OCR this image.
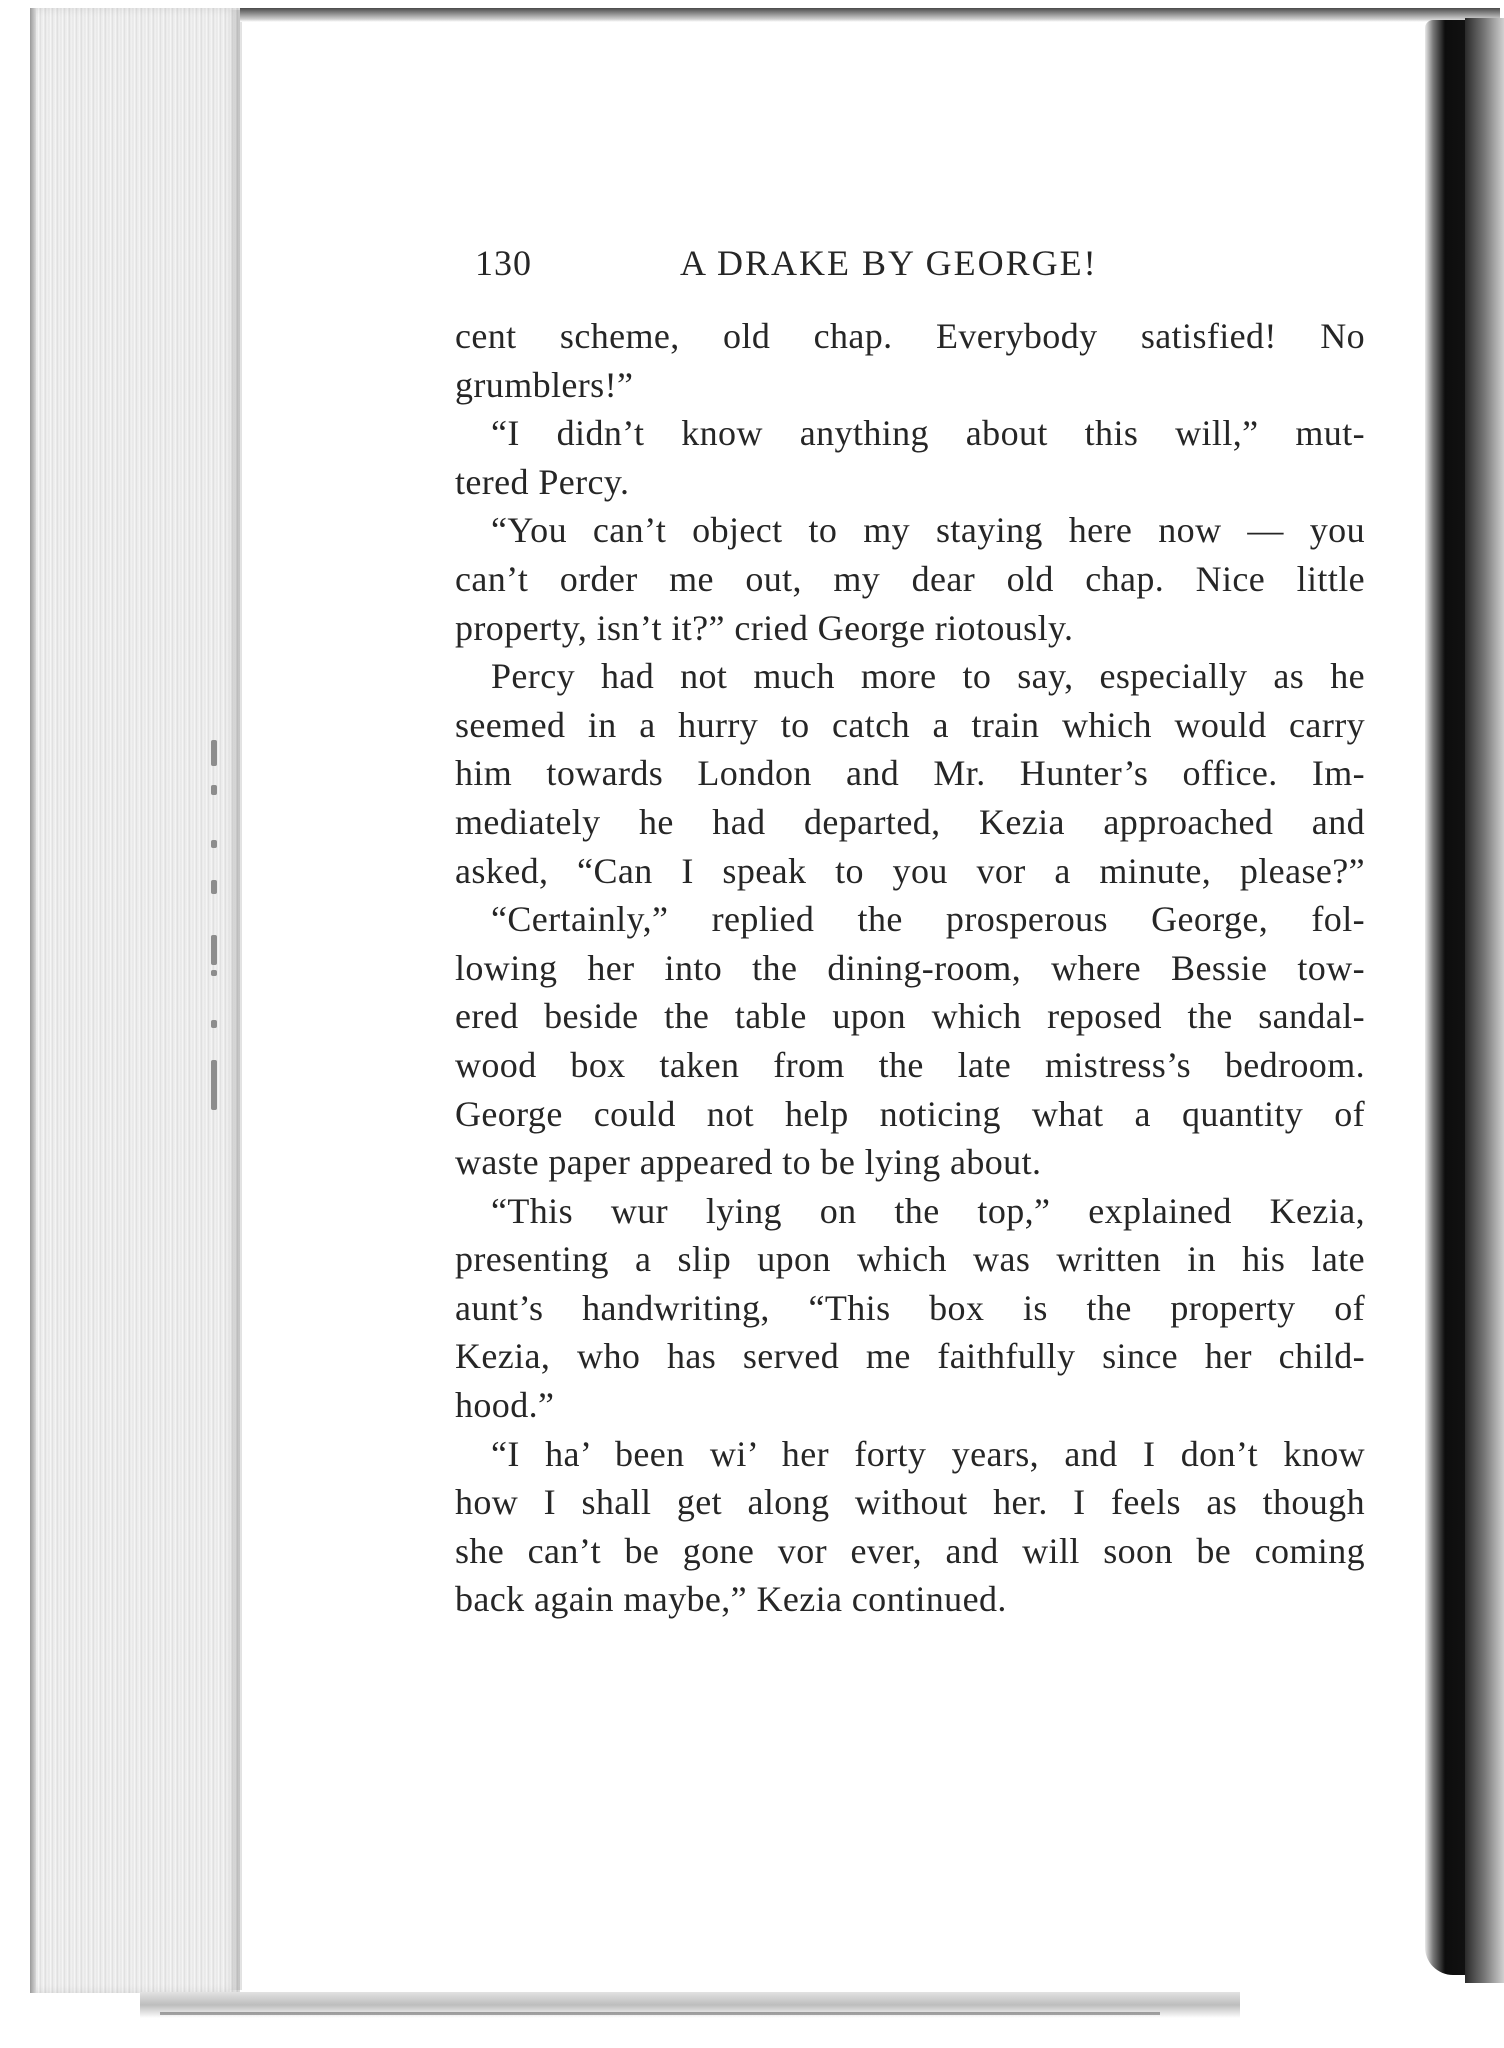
130	A DRAKE BY GEORGE!

cent scheme, old chap. Everybody satisfied! No
grumblers!”

“I didn’t know anything about this will,” mut-
tered Percy.

“You can’t object to my staying here now — you
can’t order me out, my dear old chap. Nice little
property, isn’t it?” cried George riotously.

Percy had not much more to say, especially as he
seemed in a hurry to catch a train which would carry
him towards London and Mr. Hunter’s office. Im-
mediately he had departed, Kezia approached and
asked, “Can I speak to you vor a minute, please?”

“Certainly,” replied the prosperous George, fol-
lowing her into the dining-room, where Bessie tow-
ered beside the table upon which reposed the sandal-
wood box taken from the late mistress’s bedroom.
George could not help noticing what a quantity of
waste paper appeared to be lying about.

“This wur lying on the top,” explained Kezia,
presenting a slip upon which was written in his late
aunt’s handwriting, “This box is the property of
Kezia, who has served me faithfully since her child-
hood.”

“I ha’ been wi’ her forty years, and I don’t know
how I shall get along without her. I feels as though
she can’t be gone vor ever, and will soon be coming
back again maybe,” Kezia continued.
